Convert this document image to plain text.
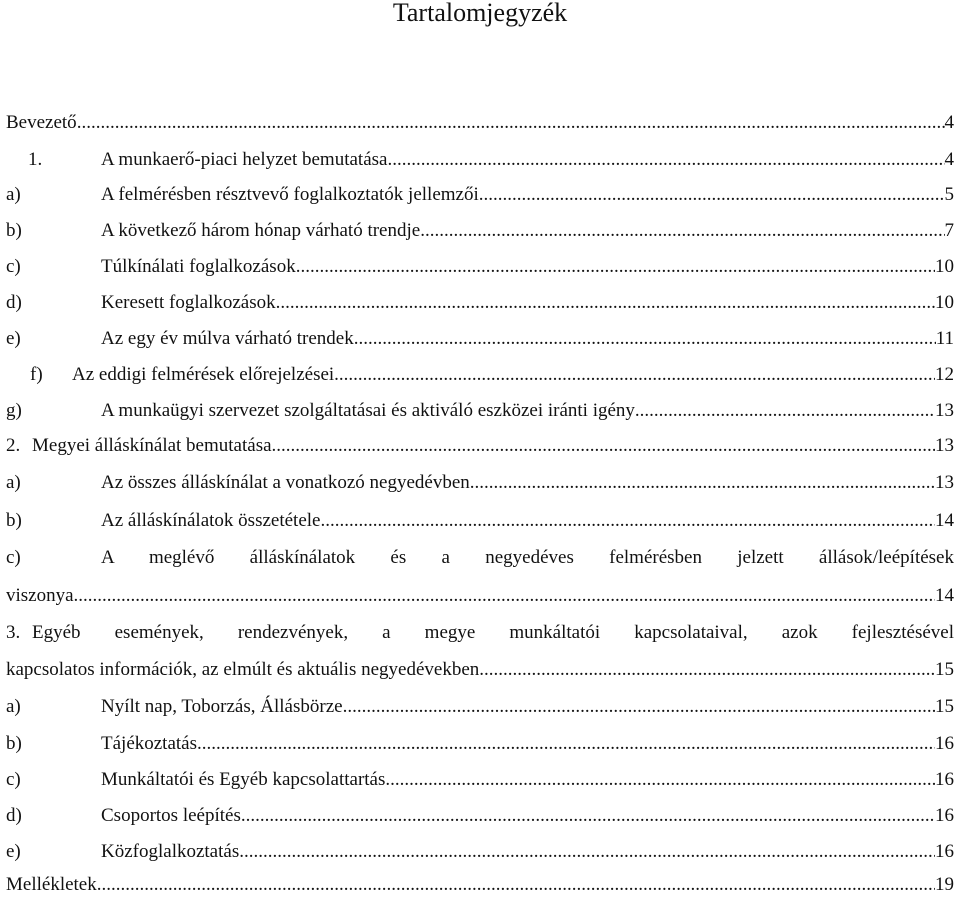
Tartalomjegyzék
Bevezető .....	4
1.	A munkaerő-piaci helyzet bemutatása .....	4
a)	A felmérésben résztvevő foglalkoztatók jellemzői .....	5
b)	A következő három hónap várható trendje .....	7
c)	Túlkínálati foglalkozások .....	10
d)	Keresett foglalkozások .....	10
e)	Az egy év múlva várható trendek .....	11
f)	Az eddigi felmérések előrejelzései .....	12
g)	A munkaügyi szervezet szolgáltatásai és aktiváló eszközei iránti igény .....	13
2. Megyei álláskínálat bemutatása .....	13
a)	Az összes álláskínálat a vonatkozó negyedévben .....	13
b)	Az álláskínálatok összetétele .....	14
c)	A meglévő álláskínálatok és a negyedéves felmérésben jelzett állások/leépítések
viszonya .....	14
3. Egyéb események, rendezvények, a megye munkáltatói kapcsolataival, azok fejlesztésével
kapcsolatos információk, az elmúlt és aktuális negyedévekben .....	15
a)	Nyílt nap, Toborzás, Állásbörze .....	15
b)	Tájékoztatás .....	16
c)	Munkáltatói és Egyéb kapcsolattartás .....	16
d)	Csoportos leépítés .....	16
e)	Közfoglalkoztatás .....	16
Mellékletek .....	19
